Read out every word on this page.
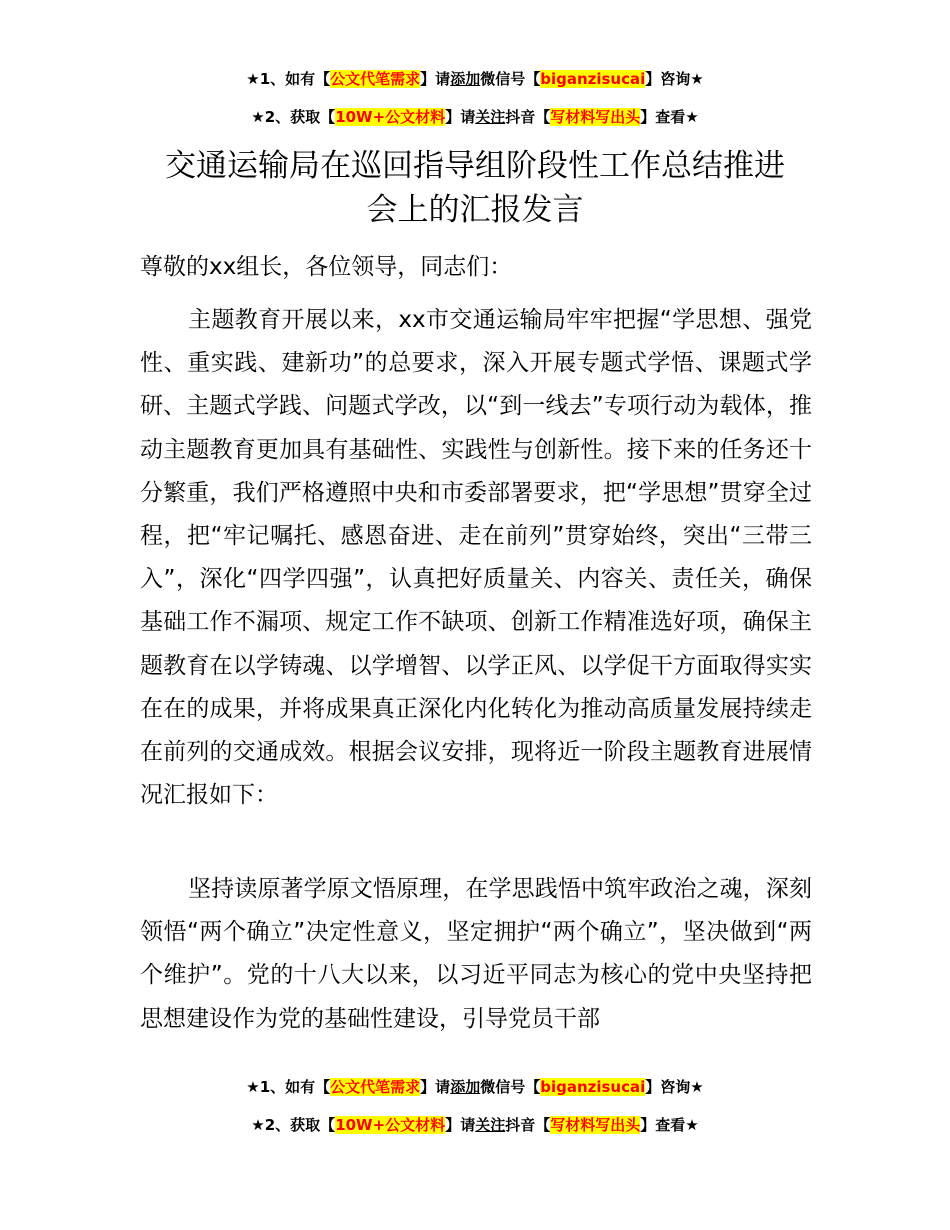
★1、如有【公文代笔需求】请添加微信号【biganzisucai】咨询★
★2、获取【10W+公文材料】请关注抖音【写材料写出头】查看★
交通运输局在巡回指导组阶段性工作总结推进
会上的汇报发言
尊敬的xx组长，各位领导，同志们：
主题教育开展以来，xx市交通运输局牢牢把握“学思想、强党性、重实践、建新功”的总要求，深入开展专题式学悟、课题式学研、主题式学践、问题式学改，以“到一线去”专项行动为载体，推动主题教育更加具有基础性、实践性与创新性。接下来的任务还十分繁重，我们严格遵照中央和市委部署要求，把“学思想”贯穿全过程，把“牢记嘱托、感恩奋进、走在前列”贯穿始终，突出“三带三入”，深化“四学四强”，认真把好质量关、内容关、责任关，确保基础工作不漏项、规定工作不缺项、创新工作精准选好项，确保主题教育在以学铸魂、以学增智、以学正风、以学促干方面取得实实在在的成果，并将成果真正深化内化转化为推动高质量发展持续走在前列的交通成效。根据会议安排，现将近一阶段主题教育进展情况汇报如下：
坚持读原著学原文悟原理，在学思践悟中筑牢政治之魂，深刻领悟“两个确立”决定性意义，坚定拥护“两个确立”，坚决做到“两个维护”。党的十八大以来，以习近平同志为核心的党中央坚持把思想建设作为党的基础性建设，引导党员干部
★1、如有【公文代笔需求】请添加微信号【biganzisucai】咨询★
★2、获取【10W+公文材料】请关注抖音【写材料写出头】查看★
